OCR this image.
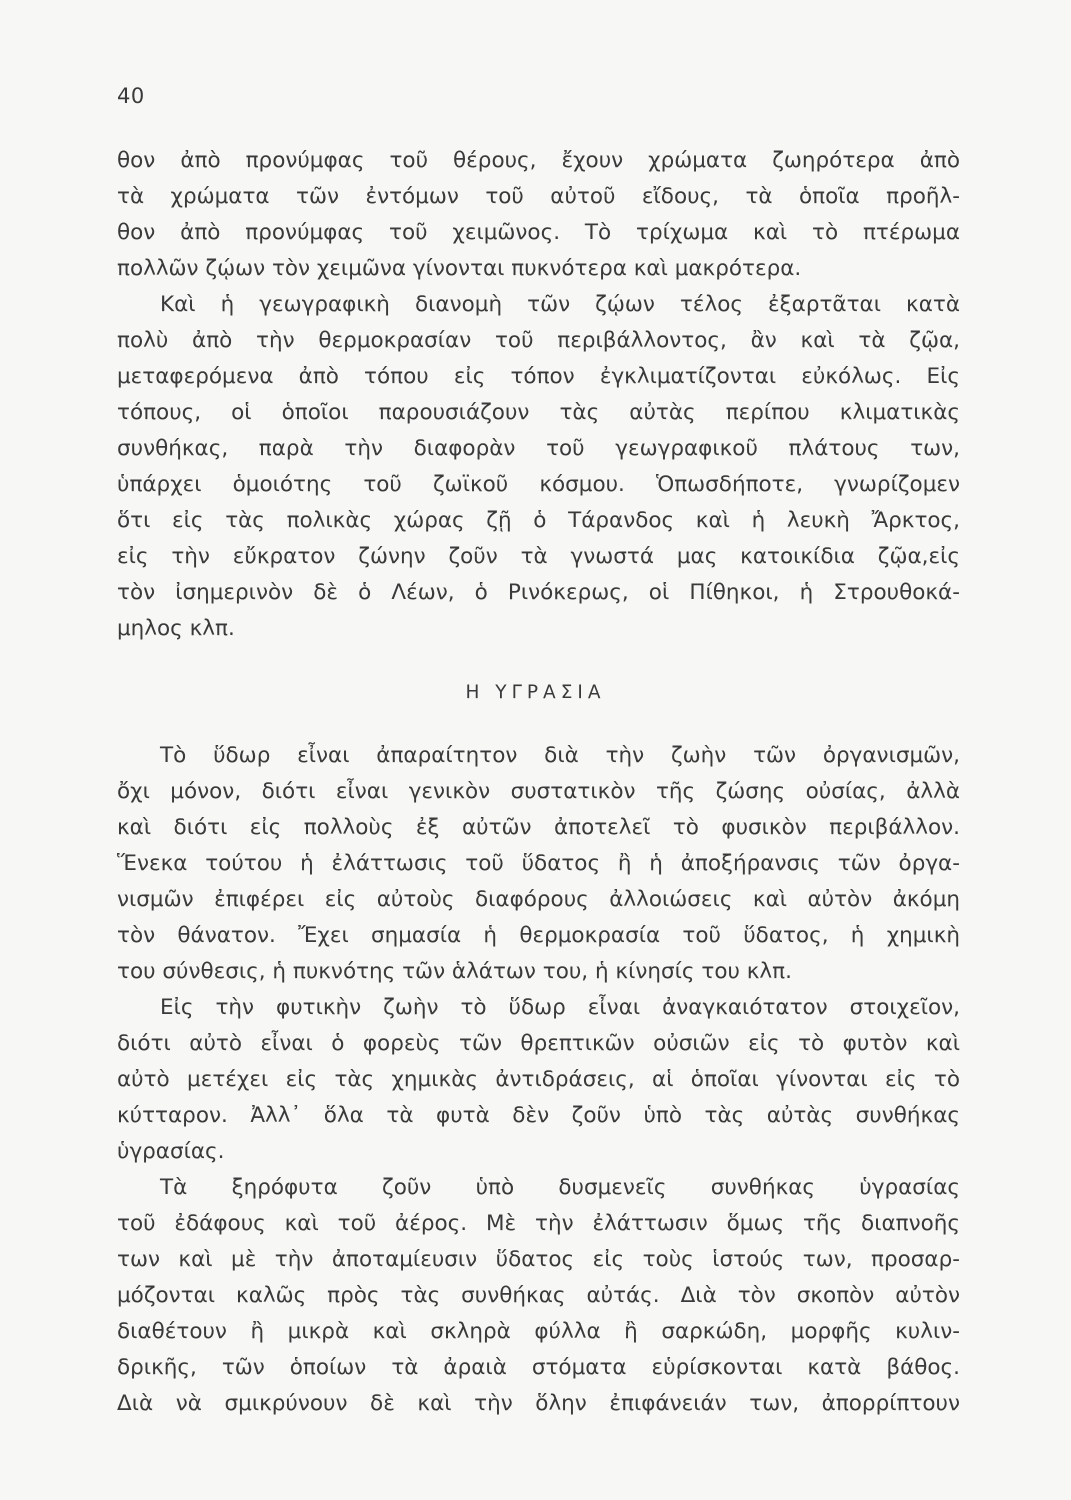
40
θον ἀπὸ προνύμφας τοῦ θέρους, ἔχουν χρώματα ζωηρότερα ἀπὸ
τὰ χρώματα τῶν ἐντόμων τοῦ αὐτοῦ εἴδους, τὰ ὁποῖα προῆλ-
θον ἀπὸ προνύμφας τοῦ χειμῶνος. Τὸ τρίχωμα καὶ τὸ πτέρωμα
πολλῶν ζῴων τὸν χειμῶνα γίνονται πυκνότερα καὶ μακρότερα.
Καὶ ἡ γεωγραφικὴ διανομὴ τῶν ζῴων τέλος ἐξαρτᾶται κατὰ
πολὺ ἀπὸ τὴν θερμοκρασίαν τοῦ περιβάλλοντος, ἂν καὶ τὰ ζῷα,
μεταφερόμενα ἀπὸ τόπου εἰς τόπον ἐγκλιματίζονται εὐκόλως. Εἰς
τόπους, οἱ ὁποῖοι παρουσιάζουν τὰς αὐτὰς περίπου κλιματικὰς
συνθήκας, παρὰ τὴν διαφορὰν τοῦ γεωγραφικοῦ πλάτους των,
ὑπάρχει ὁμοιότης τοῦ ζωϊκοῦ κόσμου. Ὁπωσδήποτε, γνωρίζομεν
ὅτι εἰς τὰς πολικὰς χώρας ζῇ ὁ Τάρανδος καὶ ἡ λευκὴ Ἄρκτος,
εἰς τὴν εὔκρατον ζώνην ζοῦν τὰ γνωστά μας κατοικίδια ζῷα,εἰς
τὸν ἰσημερινὸν δὲ ὁ Λέων, ὁ Ρινόκερως, οἱ Πίθηκοι, ἡ Στρουθοκά-
μηλος κλπ.
Η ΥΓΡΑΣΙΑ
Τὸ ὕδωρ εἶναι ἀπαραίτητον διὰ τὴν ζωὴν τῶν ὀργανισμῶν,
ὄχι μόνον, διότι εἶναι γενικὸν συστατικὸν τῆς ζώσης οὐσίας, ἀλλὰ
καὶ διότι εἰς πολλοὺς ἐξ αὐτῶν ἀποτελεῖ τὸ φυσικὸν περιβάλλον.
Ἕνεκα τούτου ἡ ἐλάττωσις τοῦ ὕδατος ἢ ἡ ἀποξήρανσις τῶν ὀργα-
νισμῶν ἐπιφέρει εἰς αὐτοὺς διαφόρους ἀλλοιώσεις καὶ αὐτὸν ἀκόμη
τὸν θάνατον. Ἔχει σημασία ἡ θερμοκρασία τοῦ ὕδατος, ἡ χημικὴ
του σύνθεσις, ἡ πυκνότης τῶν ἁλάτων του, ἡ κίνησίς του κλπ.
Εἰς τὴν φυτικὴν ζωὴν τὸ ὕδωρ εἶναι ἀναγκαιότατον στοιχεῖον,
διότι αὐτὸ εἶναι ὁ φορεὺς τῶν θρεπτικῶν οὐσιῶν εἰς τὸ φυτὸν καὶ
αὐτὸ μετέχει εἰς τὰς χημικὰς ἀντιδράσεις, αἱ ὁποῖαι γίνονται εἰς τὸ
κύτταρον. Ἀλλ᾽ ὅλα τὰ φυτὰ δὲν ζοῦν ὑπὸ τὰς αὐτὰς συνθήκας
ὑγρασίας.
Τὰ ξηρόφυτα ζοῦν ὑπὸ δυσμενεῖς συνθήκας ὑγρασίας
τοῦ ἐδάφους καὶ τοῦ ἀέρος. Μὲ τὴν ἐλάττωσιν ὅμως τῆς διαπνοῆς
των καὶ μὲ τὴν ἀποταμίευσιν ὕδατος εἰς τοὺς ἱστούς των, προσαρ-
μόζονται καλῶς πρὸς τὰς συνθήκας αὐτάς. Διὰ τὸν σκοπὸν αὐτὸν
διαθέτουν ἢ μικρὰ καὶ σκληρὰ φύλλα ἢ σαρκώδη, μορφῆς κυλιν-
δρικῆς, τῶν ὁποίων τὰ ἀραιὰ στόματα εὑρίσκονται κατὰ βάθος.
Διὰ νὰ σμικρύνουν δὲ καὶ τὴν ὅλην ἐπιφάνειάν των, ἀπορρίπτουν
